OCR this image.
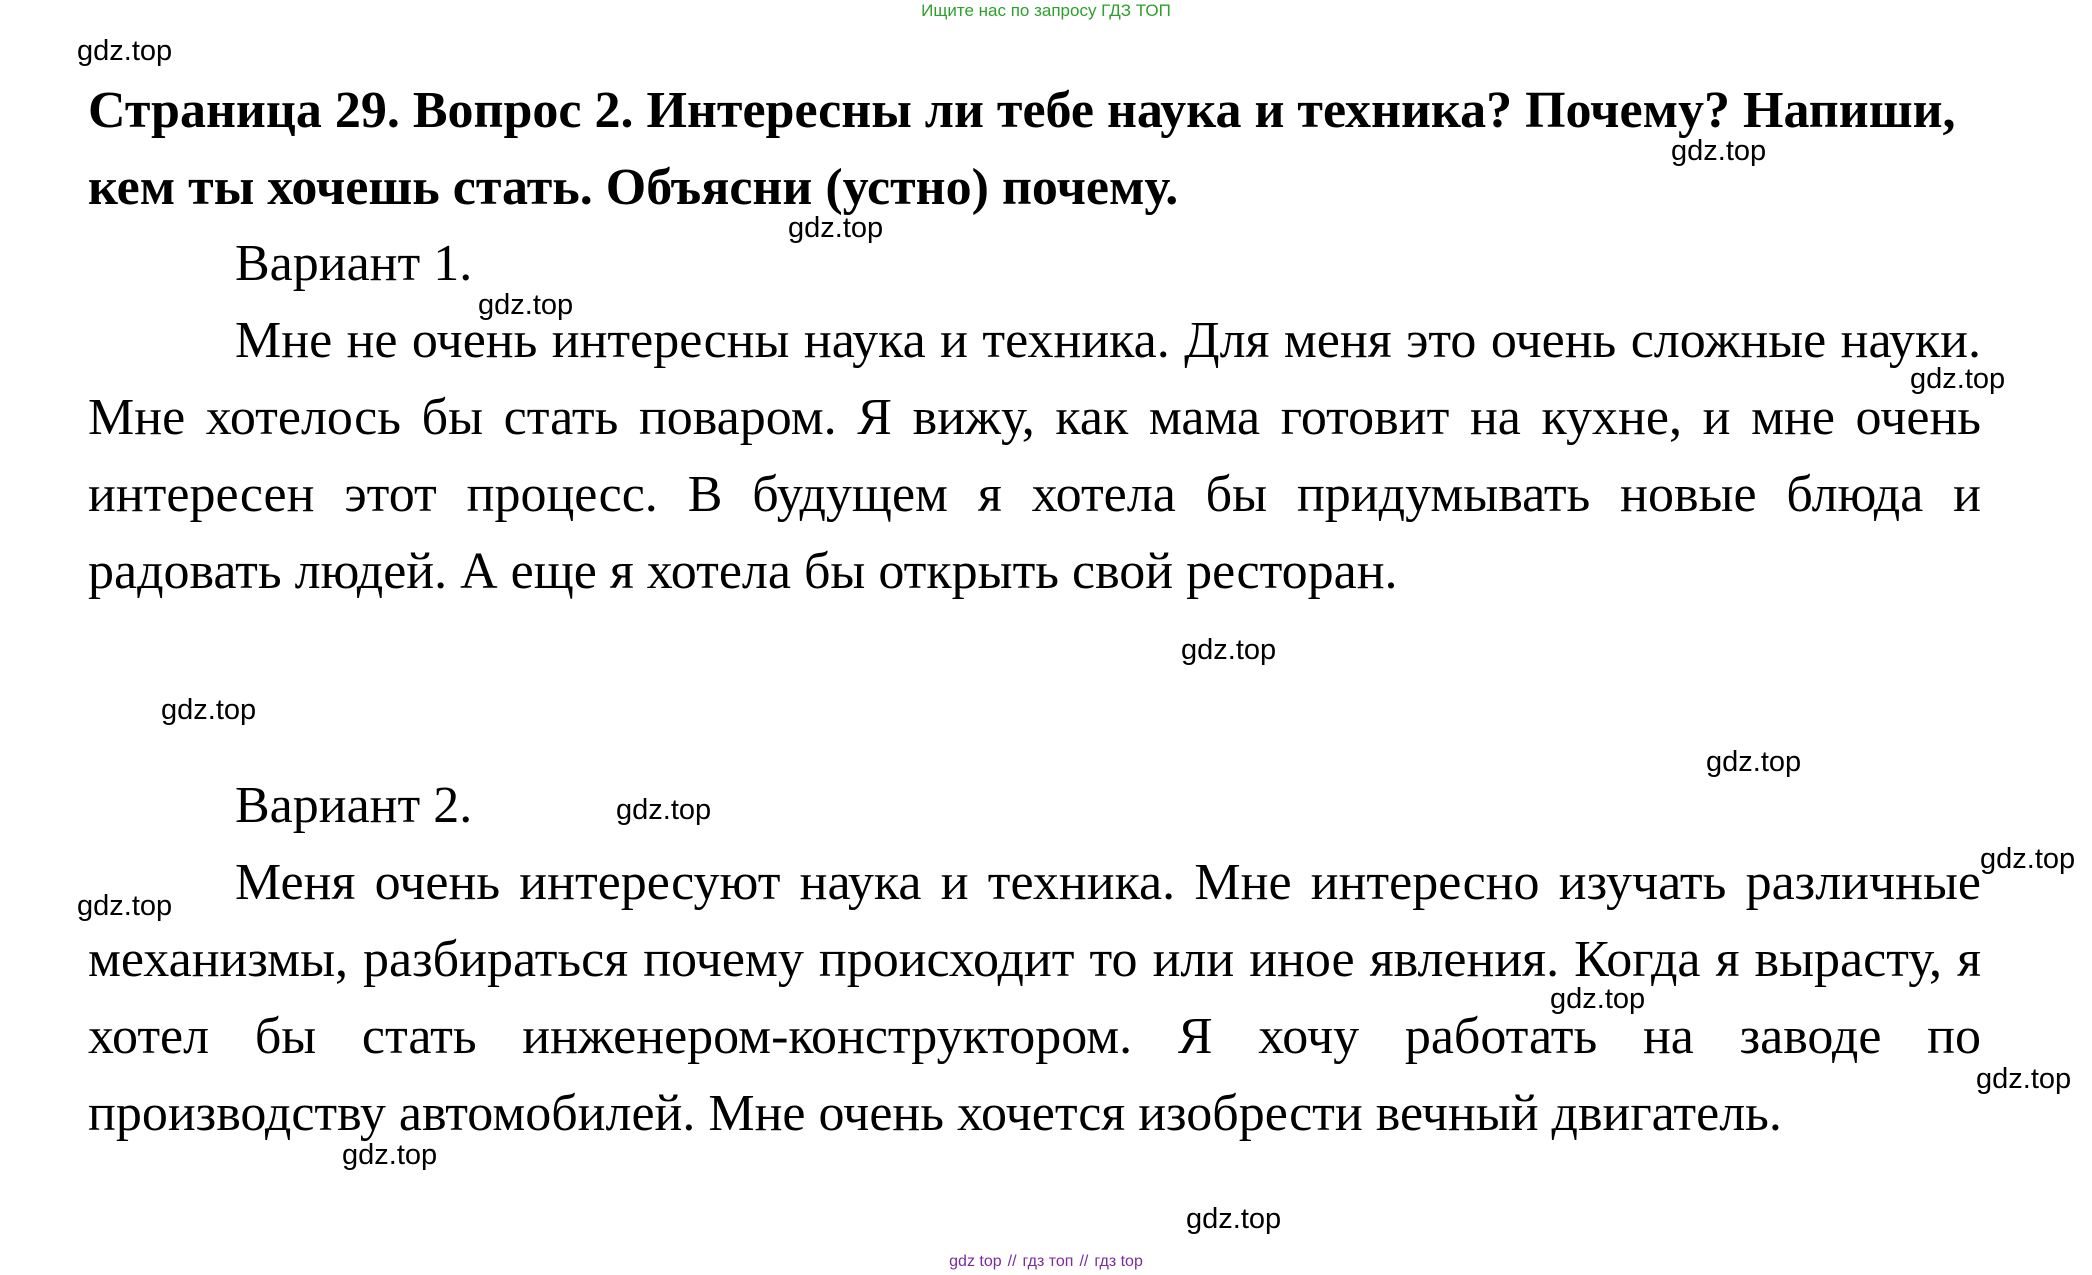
Ищите нас по запросу ГДЗ ТОП
Страница 29. Вопрос 2. Интересны ли тебе наука и техника? Почему? Напиши, кем ты хочешь стать. Объясни (устно) почему.
Вариант 1.

Мне не очень интересны наука и техника. Для меня это очень сложные науки. Мне хотелось бы стать поваром. Я вижу, как мама готовит на кухне, и мне очень интересен этот процесс. В будущем я хотела бы придумывать новые блюда и радовать людей. А еще я хотела бы открыть свой ресторан.

Вариант 2.

Меня очень интересуют наука и техника. Мне интересно изучать различные механизмы, разбираться почему происходит то или иное явления. Когда я вырасту, я хотел бы стать инженером-конструктором. Я хочу работать на заводе по производству автомобилей. Мне очень хочется изобрести вечный двигатель.

gdz.top
gdz.top
gdz.top
gdz.top
gdz.top
gdz.top
gdz.top
gdz.top
gdz.top
gdz.top
gdz.top
gdz.top
gdz.top
gdz.top
gdz.top
gdz top // гдз топ // гдз top
